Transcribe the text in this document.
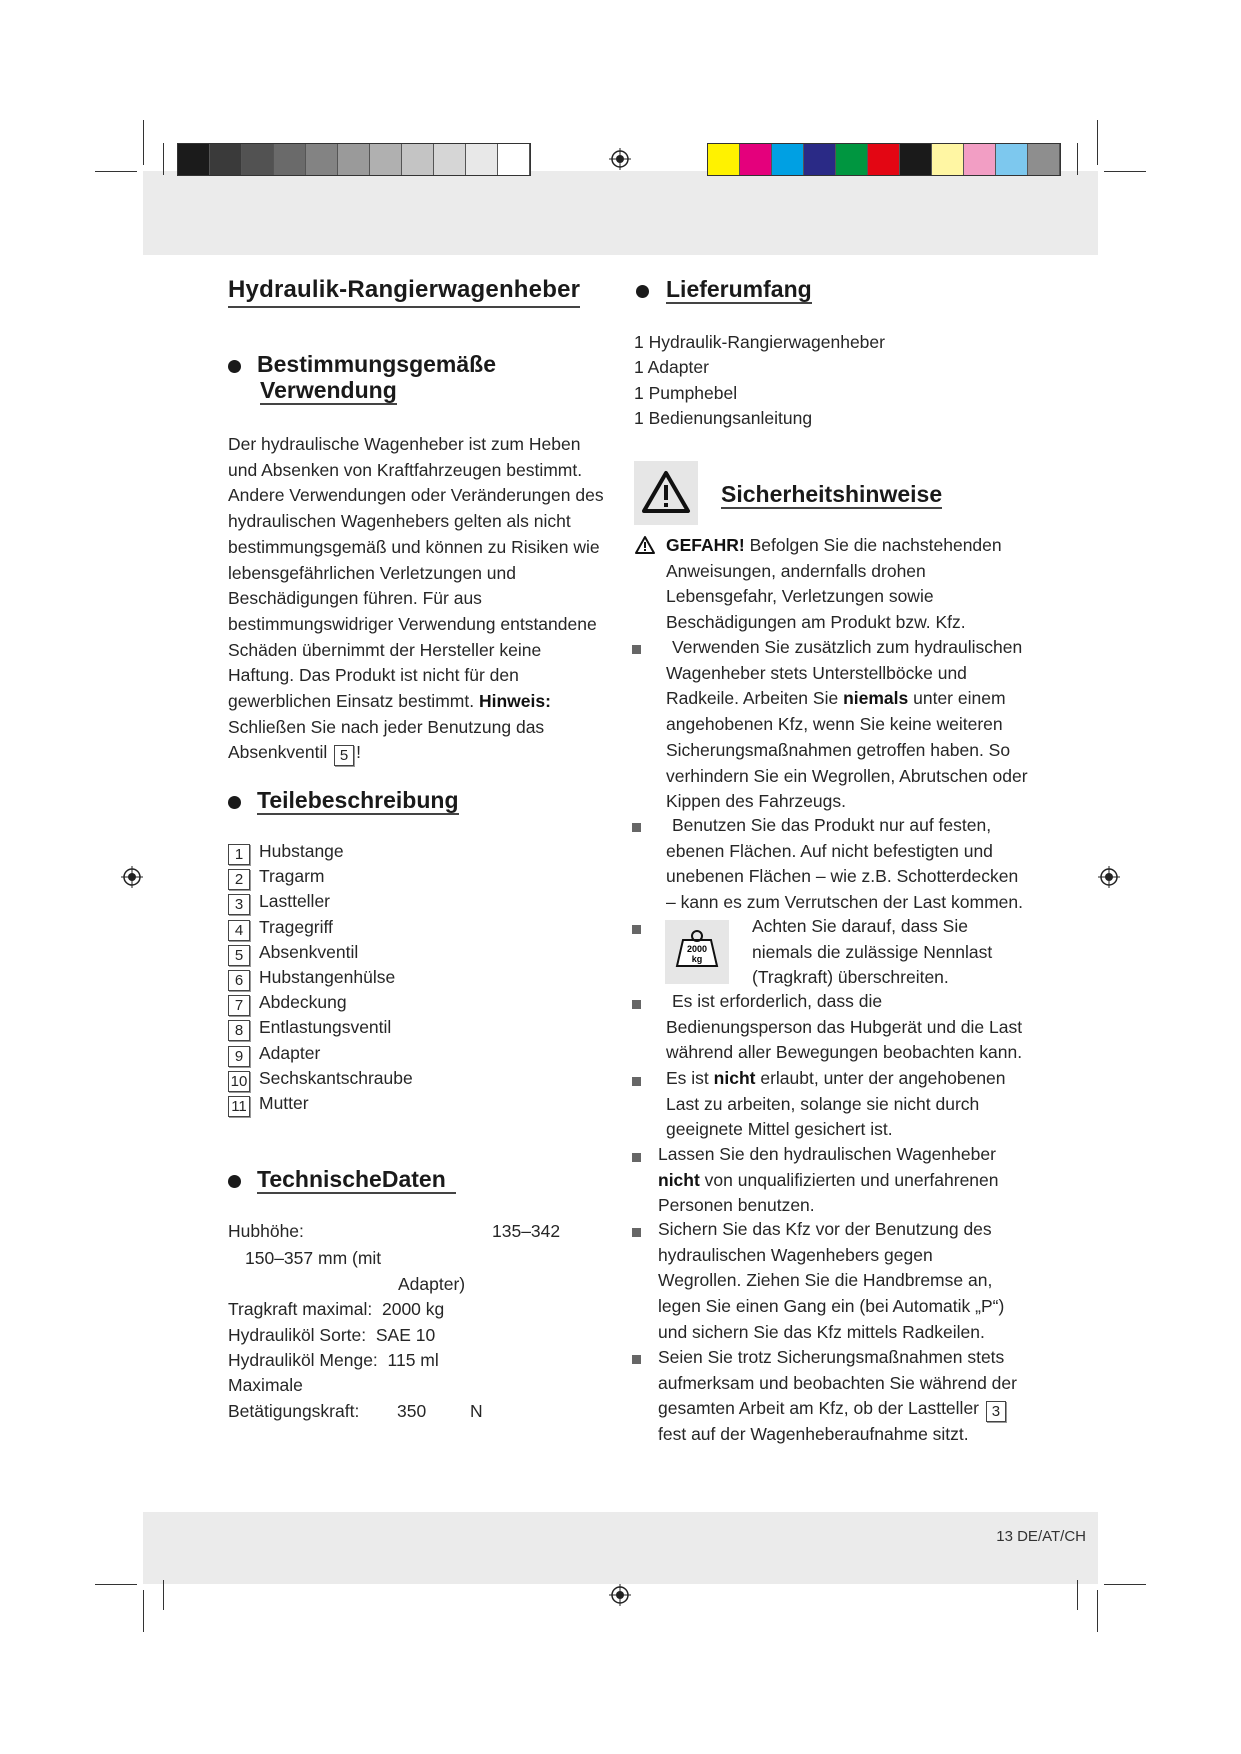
Hydraulik-Rangierwagenheber
Bestimmungsgemäße
Verwendung

Der hydraulische Wagenheber ist zum Heben und Absenken von Kraftfahrzeugen bestimmt. Andere Verwendungen oder Veränderungen des hydraulischen Wagenhebers gelten als nicht bestimmungsgemäß und können zu Risiken wie lebensgefährlichen Verletzungen und Beschädigungen führen. Für aus bestimmungswidriger Verwendung entstandene Schäden übernimmt der Hersteller keine Haftung. Das Produkt ist nicht für den gewerblichen Einsatz bestimmt. Hinweis: Schließen Sie nach jeder Benutzung das Absenkventil 5 !

Teilebeschreibung
1 Hubstange
2 Tragarm
3 Lastteller
4 Tragegriff
5 Absenkventil
6 Hubstangenhülse
7 Abdeckung
8 Entlastungsventil
9 Adapter
10 Sechskantschraube
11 Mutter
TechnischeDaten
Hubhöhe:	135–342
150–357 mm (mit
Adapter)
Tragkraft maximal: 2000 kg
Hydrauliköl Sorte: SAE 10
Hydrauliköl Menge: 115 ml
Maximale
Betätigungskraft: 350	N
Lieferumfang
1 Hydraulik-Rangierwagenheber
1 Adapter
1 Pumphebel
1 Bedienungsanleitung
Sicherheitshinweise

GEFAHR! Befolgen Sie die nachstehenden Anweisungen, andernfalls drohen Lebensgefahr, Verletzungen sowie Beschädigungen am Produkt bzw. Kfz.

Verwenden Sie zusätzlich zum hydraulischen Wagenheber stets Unterstellböcke und Radkeile. Arbeiten Sie niemals unter einem angehobenen Kfz, wenn Sie keine weiteren Sicherungsmaßnahmen getroffen haben. So verhindern Sie ein Wegrollen, Abrutschen oder Kippen des Fahrzeugs.

Benutzen Sie das Produkt nur auf festen, ebenen Flächen. Auf nicht befestigten und unebenen Flächen – wie z.B. Schotterdecken – kann es zum Verrutschen der Last kommen.

2000
kg

Achten Sie darauf, dass Sie niemals die zulässige Nennlast (Tragkraft) überschreiten.

Es ist erforderlich, dass die Bedienungsperson das Hubgerät und die Last während aller Bewegungen beobachten kann.

Es ist nicht erlaubt, unter der angehobenen Last zu arbeiten, solange sie nicht durch geeignete Mittel gesichert ist.

Lassen Sie den hydraulischen Wagenheber nicht von unqualifizierten und unerfahrenen Personen benutzen.

Sichern Sie das Kfz vor der Benutzung des hydraulischen Wagenhebers gegen Wegrollen. Ziehen Sie die Handbremse an, legen Sie einen Gang ein (bei Automatik „P“) und sichern Sie das Kfz mittels Radkeilen.

Seien Sie trotz Sicherungsmaßnahmen stets aufmerksam und beobachten Sie während der gesamten Arbeit am Kfz, ob der Lastteller 3 fest auf der Wagenheberaufnahme sitzt.

13 DE/AT/CH
